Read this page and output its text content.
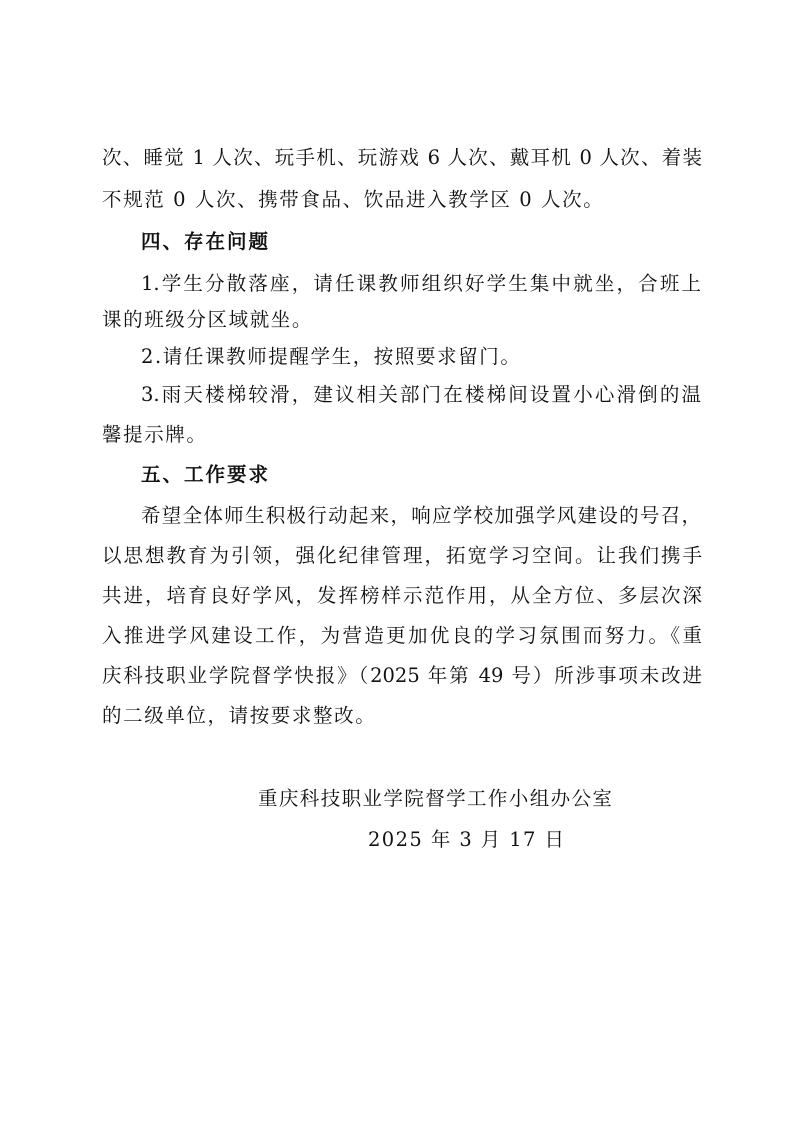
次、睡觉 1 人次、玩手机、玩游戏 6 人次、戴耳机 0 人次、着装
不规范 0 人次、携带食品、饮品进入教学区 0 人次。
四、存在问题
1.学生分散落座，请任课教师组织好学生集中就坐，合班上
课的班级分区域就坐。
2.请任课教师提醒学生，按照要求留门。
3.雨天楼梯较滑，建议相关部门在楼梯间设置小心滑倒的温
馨提示牌。
五、工作要求
希望全体师生积极行动起来，响应学校加强学风建设的号召，
以思想教育为引领，强化纪律管理，拓宽学习空间。让我们携手
共进，培育良好学风，发挥榜样示范作用，从全方位、多层次深
入推进学风建设工作，为营造更加优良的学习氛围而努力。《重
庆科技职业学院督学快报》（2025 年第 49 号）所涉事项未改进
的二级单位，请按要求整改。
重庆科技职业学院督学工作小组办公室
2025 年 3 月 17 日
